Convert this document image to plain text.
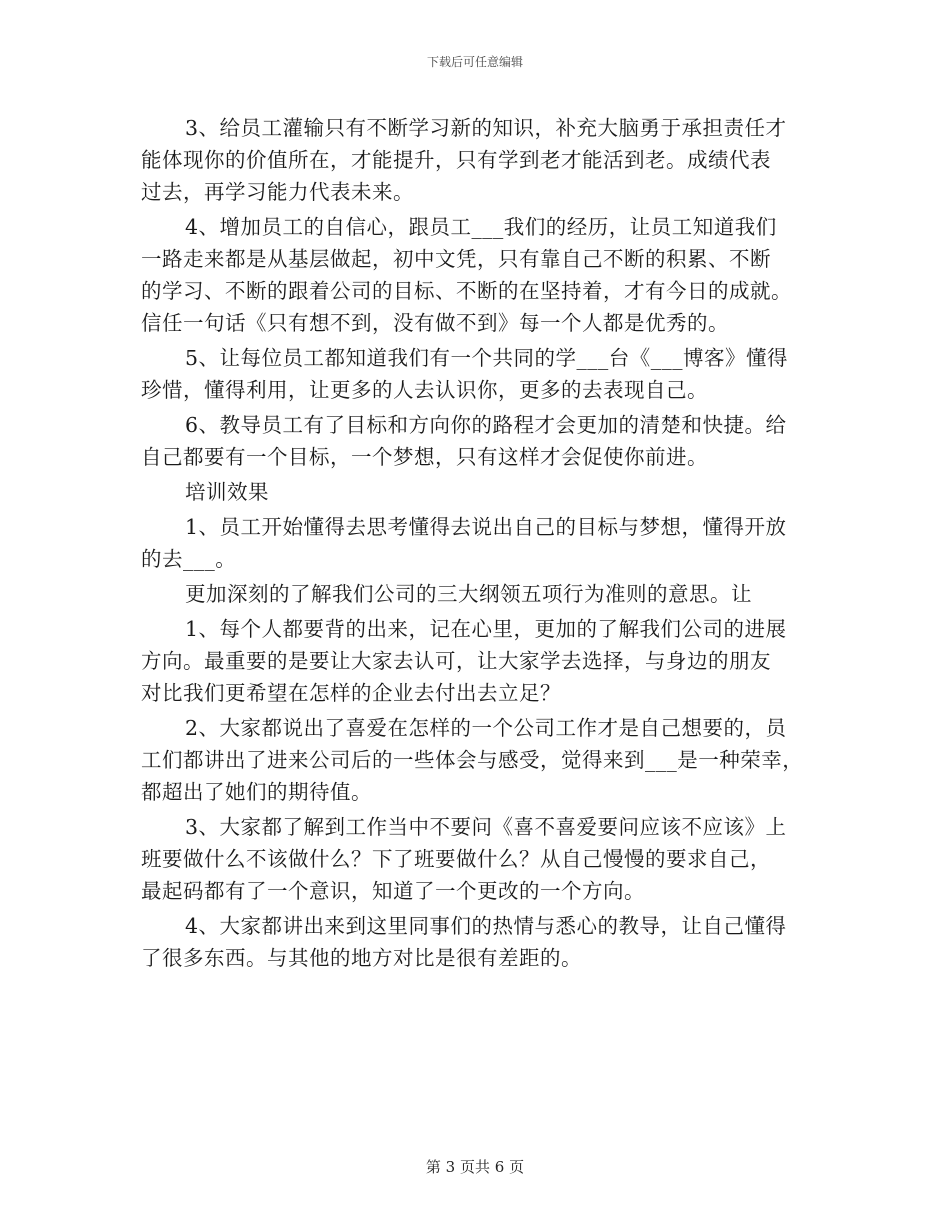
下载后可任意编辑
3、给员工灌输只有不断学习新的知识，补充大脑勇于承担责任才
能体现你的价值所在，才能提升，只有学到老才能活到老。成绩代表
过去，再学习能力代表未来。
4、增加员工的自信心，跟员工___我们的经历，让员工知道我们
一路走来都是从基层做起，初中文凭，只有靠自己不断的积累、不断
的学习、不断的跟着公司的目标、不断的在坚持着，才有今日的成就。
信任一句话《只有想不到，没有做不到》每一个人都是优秀的。
5、让每位员工都知道我们有一个共同的学___台《___博客》懂得
珍惜，懂得利用，让更多的人去认识你，更多的去表现自己。
6、教导员工有了目标和方向你的路程才会更加的清楚和快捷。给
自己都要有一个目标，一个梦想，只有这样才会促使你前进。
培训效果
1、员工开始懂得去思考懂得去说出自己的目标与梦想，懂得开放
的去___。
更加深刻的了解我们公司的三大纲领五项行为准则的意思。让
1、每个人都要背的出来，记在心里，更加的了解我们公司的进展
方向。最重要的是要让大家去认可，让大家学去选择，与身边的朋友
对比我们更希望在怎样的企业去付出去立足？
2、大家都说出了喜爱在怎样的一个公司工作才是自己想要的，员
工们都讲出了进来公司后的一些体会与感受，觉得来到___是一种荣幸，
都超出了她们的期待值。
3、大家都了解到工作当中不要问《喜不喜爱要问应该不应该》上
班要做什么不该做什么？下了班要做什么？从自己慢慢的要求自己，
最起码都有了一个意识，知道了一个更改的一个方向。
4、大家都讲出来到这里同事们的热情与悉心的教导，让自己懂得
了很多东西。与其他的地方对比是很有差距的。
第 3 页共 6 页
